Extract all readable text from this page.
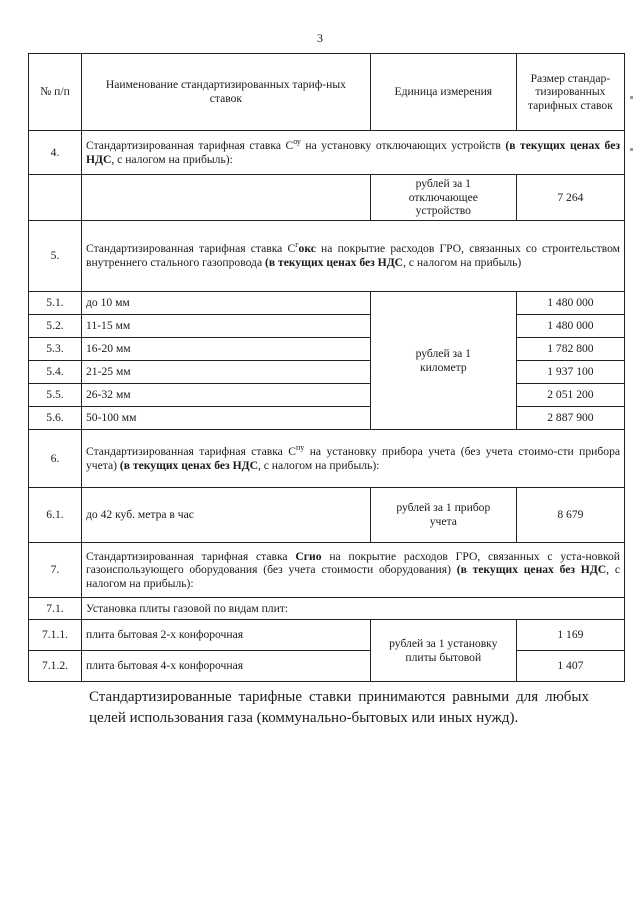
3
№ п/п	Наименование стандартизированных тариф-ных ставок	Единица измерения	Размер стандар-тизированных тарифных ставок
4.	Стандартизированная тарифная ставка $C^{оу}$ на установку отключающих устройств (в текущих ценах без НДС, с налогом на прибыль):		
		рублей за 1 отключающее устройство	7 264
5.	Стандартизированная тарифная ставка $C^гокс$ на покрытие расходов ГРО, связанных со строительством внутреннего стального газопровода (в текущих ценах без НДС, с налогом на прибыль)		
5.1.	до 10 мм	рублей за 1 километр	1 480 000
5.2.	11-15 мм		1 480 000
5.3.	16-20 мм		1 782 800
5.4.	21-25 мм		1 937 100
5.5.	26-32 мм		2 051 200
5.6.	50-100 мм		2 887 900
6.	Стандартизированная тарифная ставка $C^{пу}$ на установку прибора учета (без учета стоимо-сти прибора учета) (в текущих ценах без НДС, с налогом на прибыль):		
6.1.	до 42 куб. метра в час	рублей за 1 прибор учета	8 679
7.	Стандартизированная тарифная ставка Сгио на покрытие расходов ГРО, связанных с уста-новкой газоиспользующего оборудования (без учета стоимости оборудования) (в текущих ценах без НДС, с налогом на прибыль):		
7.1.	Установка плиты газовой по видам плит:		
7.1.1.	плита бытовая 2-х конфорочная	рублей за 1 установку плиты бытовой	1 169
7.1.2.	плита бытовая 4-х конфорочная		1 407
Стандартизированные тарифные ставки принимаются равными для любых целей использования газа (коммунально-бытовых или иных нужд).
